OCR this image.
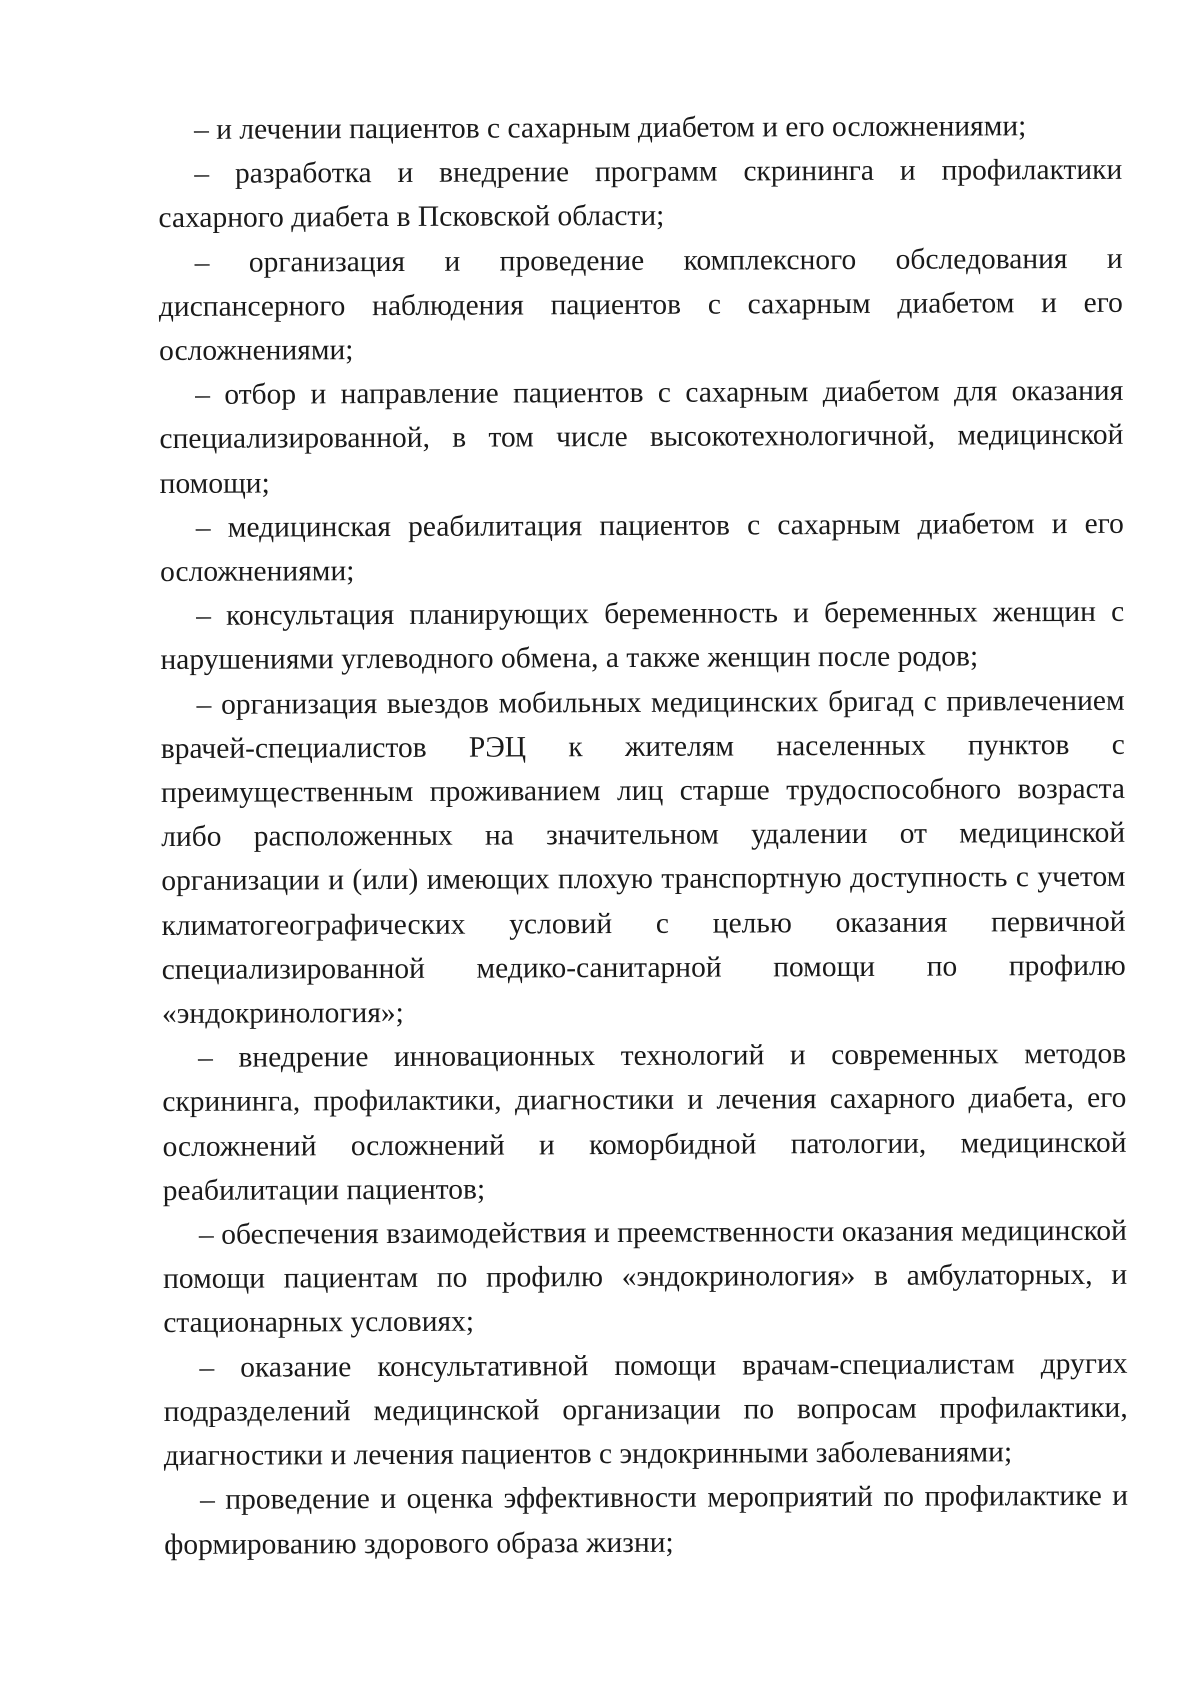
– и лечении пациентов с сахарным диабетом и его осложнениями;

– разработка и внедрение программ скрининга и профилактики сахарного диабета в Псковской области;

– организация и проведение комплексного обследования и диспансерного наблюдения пациентов с сахарным диабетом и его осложнениями;

– отбор и направление пациентов с сахарным диабетом для оказания специализированной, в том числе высокотехнологичной, медицинской помощи;

– медицинская реабилитация пациентов с сахарным диабетом и его осложнениями;

– консультация планирующих беременность и беременных женщин с нарушениями углеводного обмена, а также женщин после родов;

– организация выездов мобильных медицинских бригад с привлечением врачей-специалистов РЭЦ к жителям населенных пунктов с преимущественным проживанием лиц старше трудоспособного возраста либо расположенных на значительном удалении от медицинской организации и (или) имеющих плохую транспортную доступность с учетом климатогеографических условий с целью оказания первичной специализированной медико-санитарной помощи по профилю «эндокринология»;

– внедрение инновационных технологий и современных методов скрининга, профилактики, диагностики и лечения сахарного диабета, его осложнений осложнений и коморбидной патологии, медицинской реабилитации пациентов;

– обеспечения взаимодействия и преемственности оказания медицинской помощи пациентам по профилю «эндокринология» в амбулаторных, и стационарных условиях;

– оказание консультативной помощи врачам-специалистам других подразделений медицинской организации по вопросам профилактики, диагностики и лечения пациентов с эндокринными заболеваниями;

– проведение и оценка эффективности мероприятий по профилактике и формированию здорового образа жизни;
